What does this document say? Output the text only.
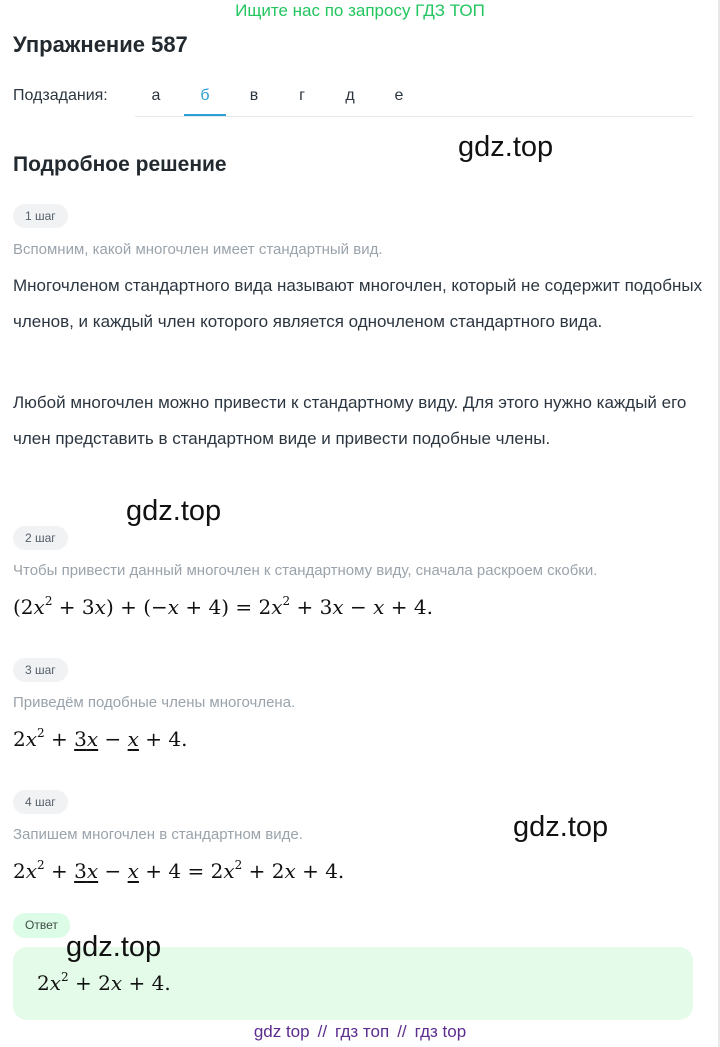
Ищите нас по запросу ГДЗ ТОП
Упражнение 587
Подзадания:	а	б	в	г	д	е
gdz.top
Подробное решение
1 шаг
Вспомним, какой многочлен имеет стандартный вид.

Многочленом стандартного вида называют многочлен, который не содержит подобных членов, и каждый член которого является одночленом стандартного вида.

Любой многочлен можно привести к стандартному виду. Для этого нужно каждый его член представить в стандартном виде и привести подобные члены.

gdz.top
2 шаг
Чтобы привести данный многочлен к стандартному виду, сначала раскроем скобки.
$(2x^2 + 3x) + (-x + 4) = 2x^2 + 3x - x + 4$.
3 шаг
Приведём подобные члены многочлена.
$2x^2 + 3x - x + 4$.
4 шаг
Запишем многочлен в стандартном виде.
$2x^2 + 3x - x + 4 = 2x^2 + 2x + 4$.
gdz.top
Ответ
$2x^2 + 2x + 4$.
gdz.top
gdz top // гдз топ // гдз top
